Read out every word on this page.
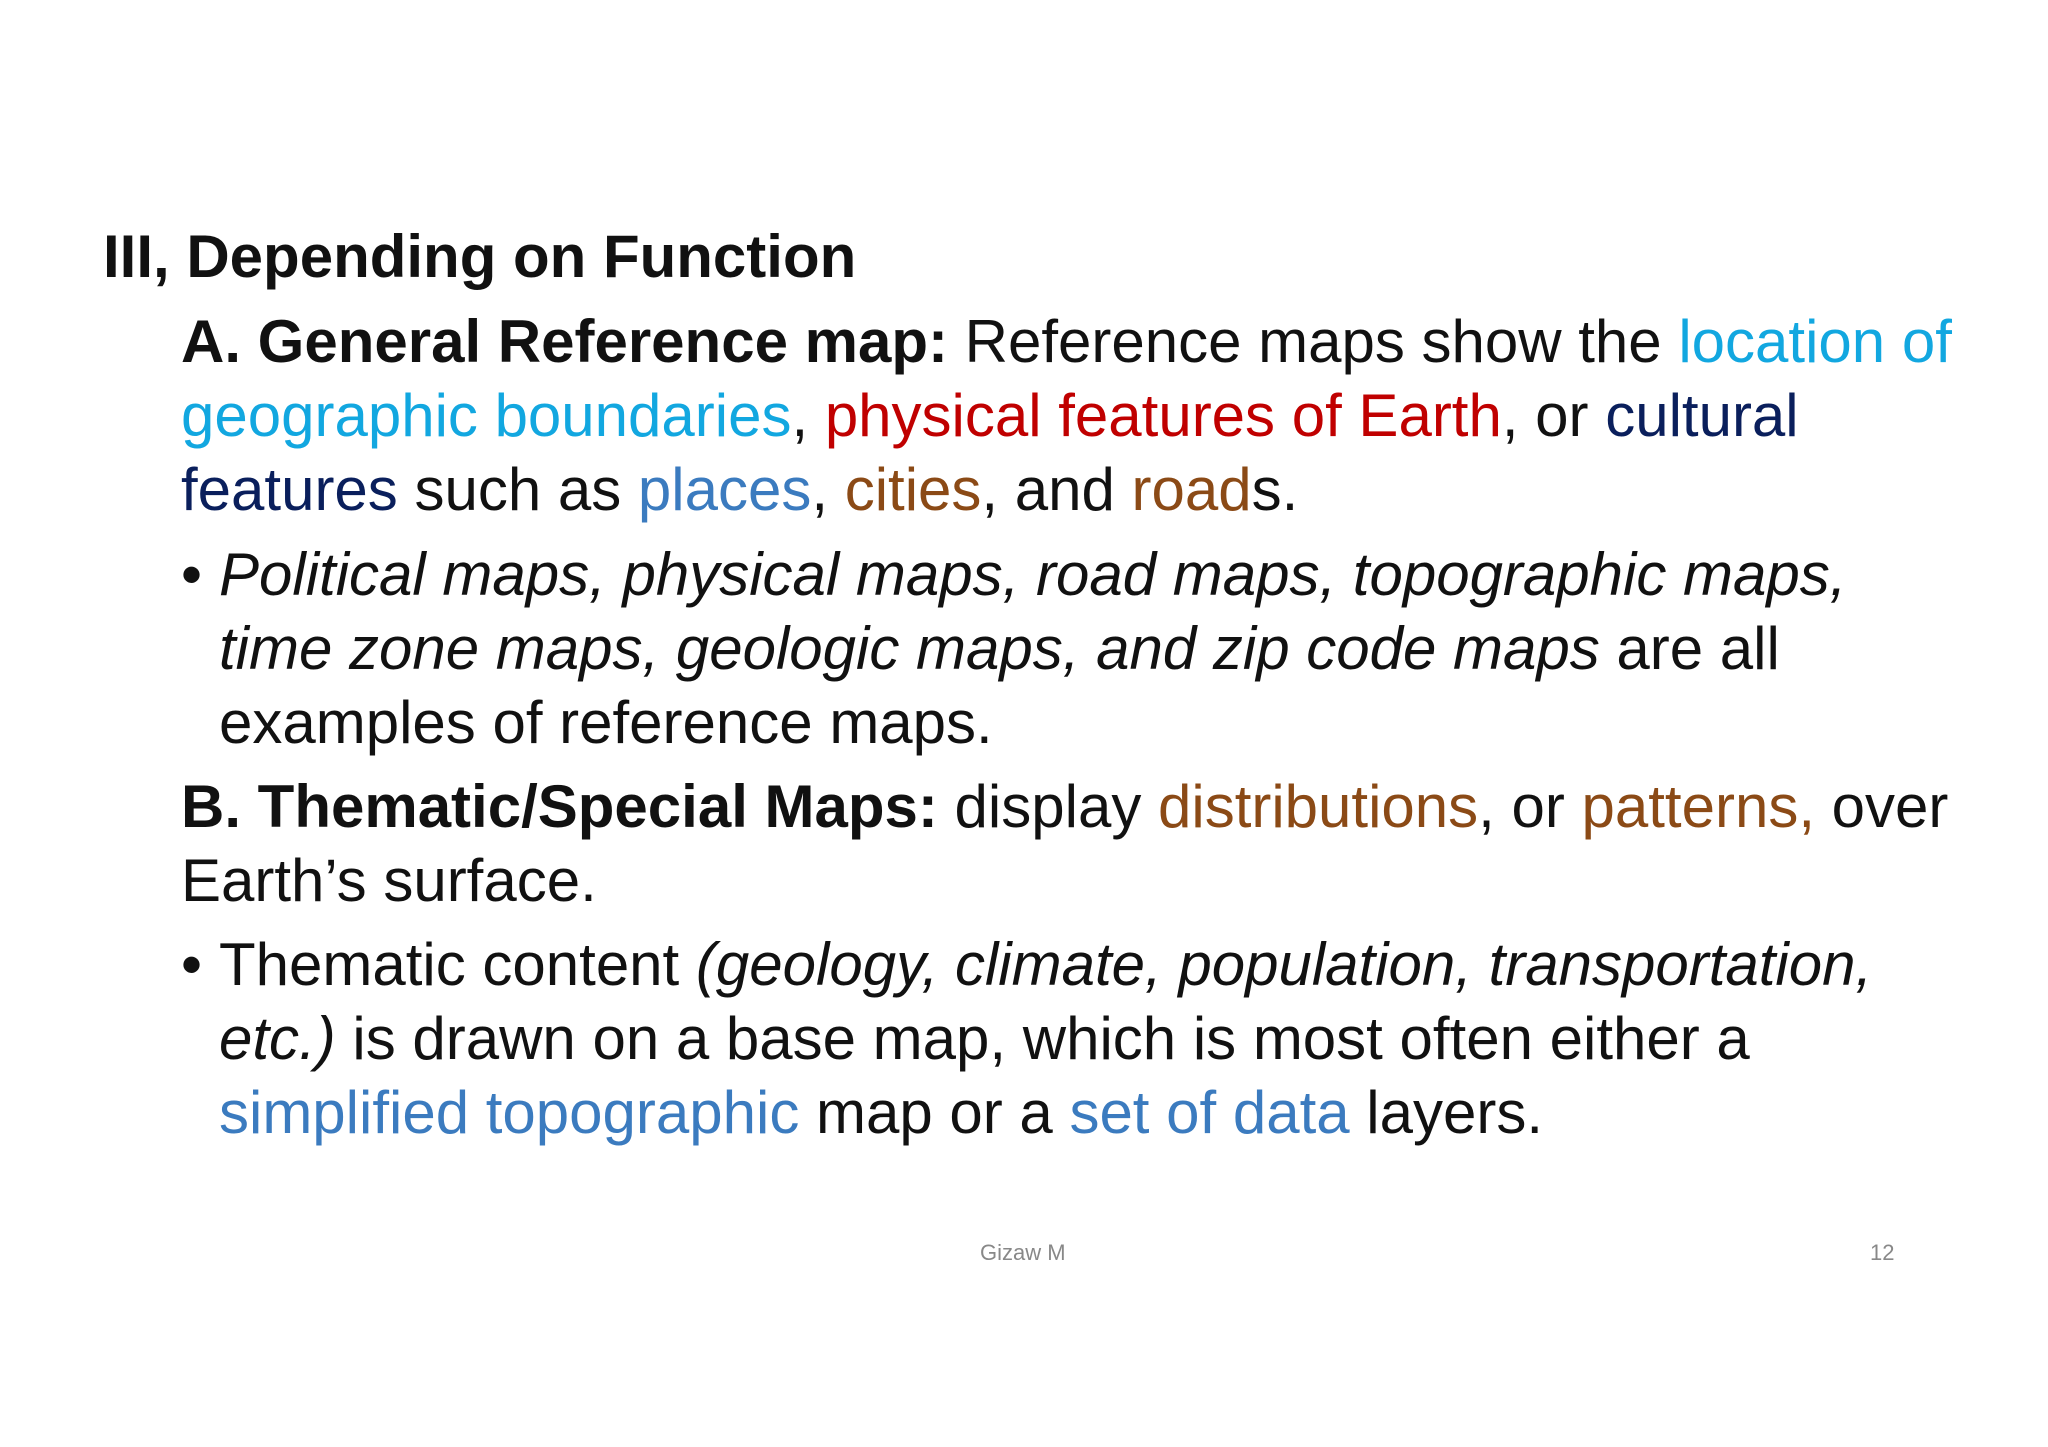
III, Depending on Function
A. General Reference map: Reference maps show the location of geographic boundaries, physical features of Earth, or cultural features such as places, cities, and roads.
• Political maps, physical maps, road maps, topographic maps, time zone maps, geologic maps, and zip code maps are all examples of reference maps.
B. Thematic/Special Maps: display distributions, or patterns, over Earth’s surface.
• Thematic content (geology, climate, population, transportation, etc.) is drawn on a base map, which is most often either a simplified topographic map or a set of data layers.
Gizaw M	12
